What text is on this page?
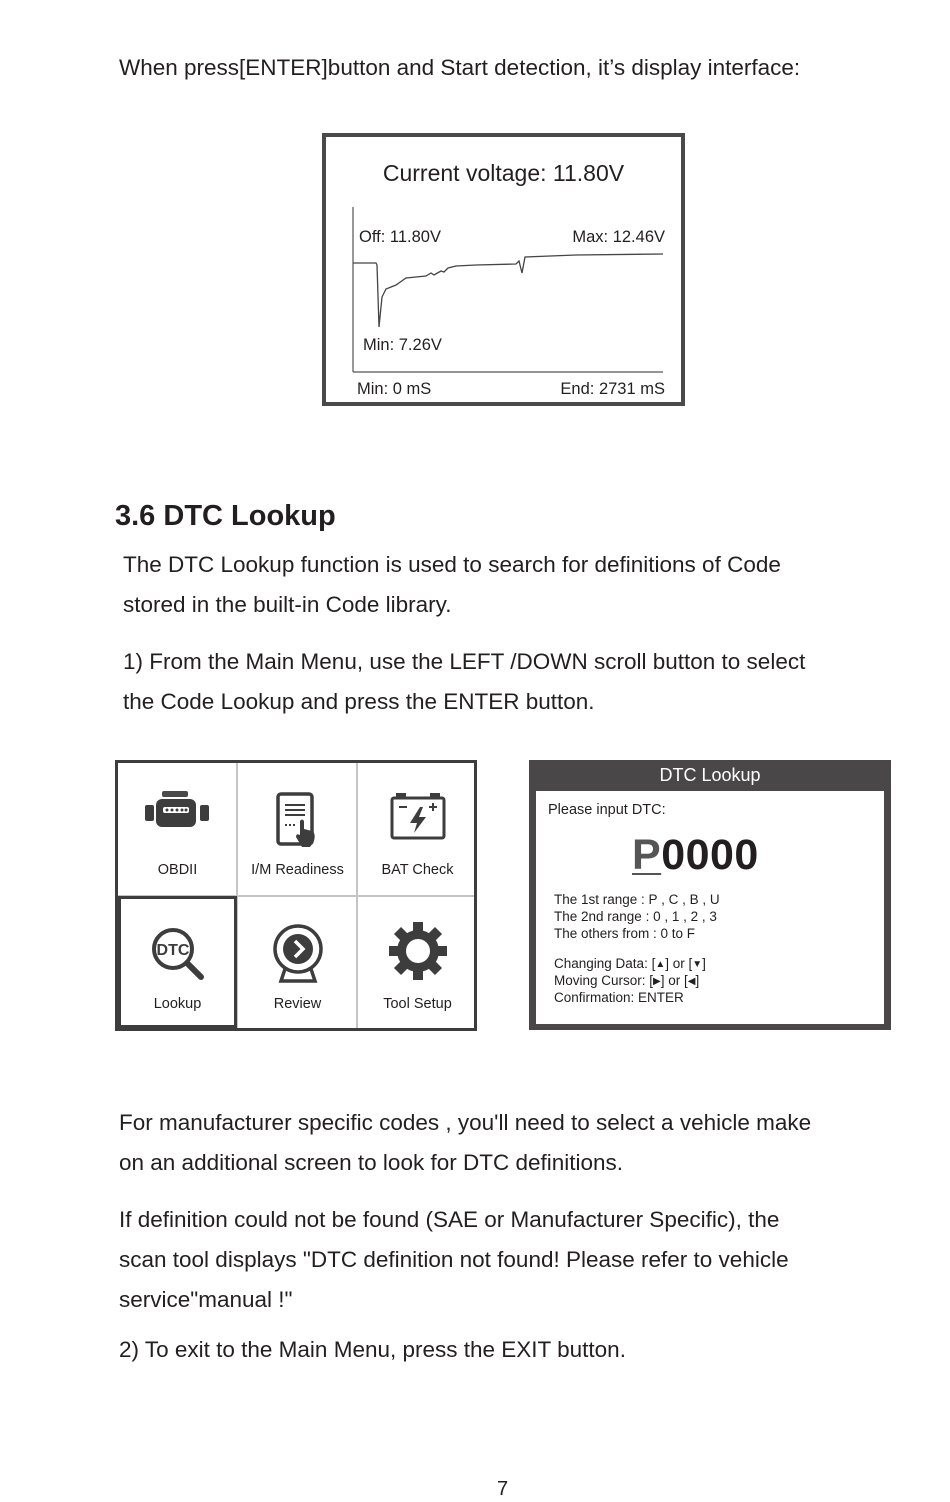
When press[ENTER]button and Start detection, it’s display interface:
Current voltage: 11.80V
Off: 11.80V	Max: 12.46V
Min: 7.26V
Min: 0 mS	End: 2731 mS
3.6 DTC Lookup
The DTC Lookup function is used to search for definitions of Code
stored in the built-in Code library.
1) From the Main Menu, use the LEFT /DOWN scroll button to select
the Code Lookup and press the ENTER button.
OBDII	I/M Readiness	BAT Check
DTC
Lookup	Review	Tool Setup
DTC Lookup
Please input DTC:
P0000
The 1st range : P , C , B , U
The 2nd range : 0 , 1 , 2 , 3
The others from : 0 to F
Changing Data: [▲] or [▼]
Moving Cursor: [▶] or [◀]
Confirmation: ENTER
For manufacturer specific codes , you'll need to select a vehicle make
on an additional screen to look for DTC definitions.
If definition could not be found (SAE or Manufacturer Specific), the
scan tool displays "DTC definition not found! Please refer to vehicle
service"manual !"
2) To exit to the Main Menu, press the EXIT button.
7
